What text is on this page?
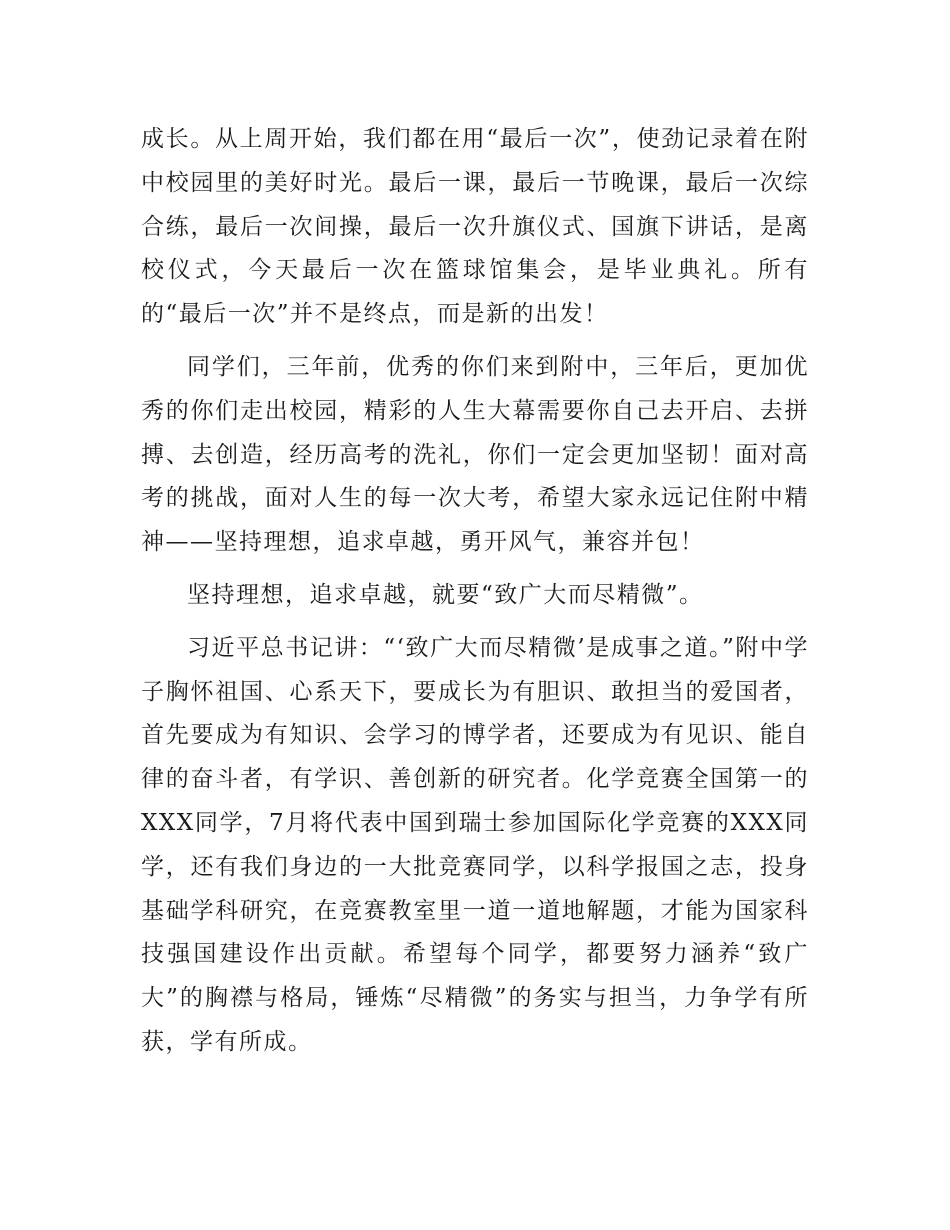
成长。从上周开始，我们都在用“最后一次”，使劲记录着在附中校园里的美好时光。最后一课，最后一节晚课，最后一次综合练，最后一次间操，最后一次升旗仪式、国旗下讲话，是离校仪式，今天最后一次在篮球馆集会，是毕业典礼。所有的“最后一次”并不是终点，而是新的出发！

同学们，三年前，优秀的你们来到附中，三年后，更加优秀的你们走出校园，精彩的人生大幕需要你自己去开启、去拼搏、去创造，经历高考的洗礼，你们一定会更加坚韧！面对高考的挑战，面对人生的每一次大考，希望大家永远记住附中精神——坚持理想，追求卓越，勇开风气，兼容并包！

坚持理想，追求卓越，就要“致广大而尽精微”。

习近平总书记讲：“‘致广大而尽精微’是成事之道。”附中学子胸怀祖国、心系天下，要成长为有胆识、敢担当的爱国者，首先要成为有知识、会学习的博学者，还要成为有见识、能自律的奋斗者，有学识、善创新的研究者。化学竞赛全国第一的XXX同学，7月将代表中国到瑞士参加国际化学竞赛的XXX同学，还有我们身边的一大批竞赛同学，以科学报国之志，投身基础学科研究，在竞赛教室里一道一道地解题，才能为国家科技强国建设作出贡献。希望每个同学，都要努力涵养“致广大”的胸襟与格局，锤炼“尽精微”的务实与担当，力争学有所获，学有所成。
